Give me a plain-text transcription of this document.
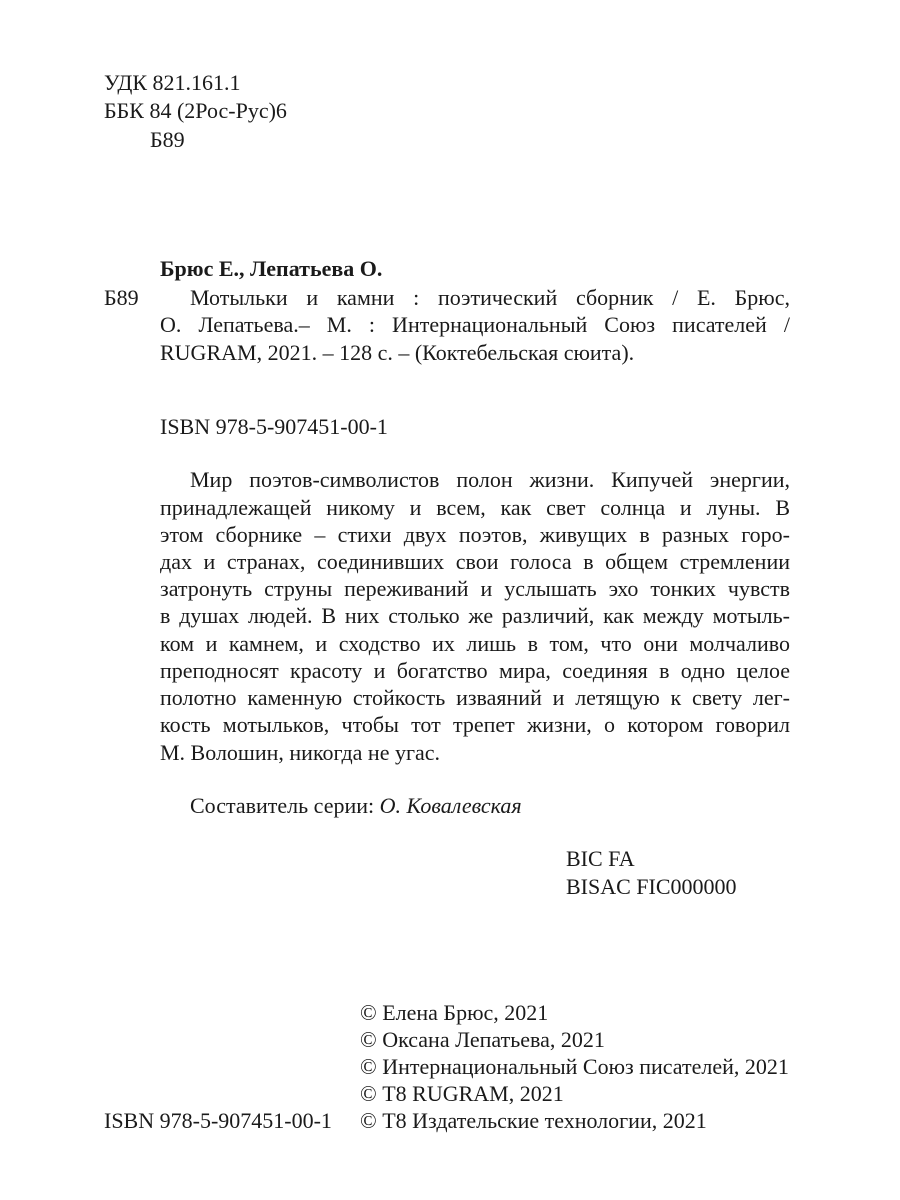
УДК 821.161.1
ББК 84 (2Рос-Рус)6
Б89
Брюс Е., Лепатьева О.
Б89 Мотыльки и камни : поэтический сборник / Е. Брюс,
О. Лепатьева.– М. : Интернациональный Союз писателей /
RUGRAM, 2021. – 128 с. – (Коктебельская сюита).
ISBN 978-5-907451-00-1
Мир поэтов-символистов полон жизни. Кипучей энергии,
принадлежащей никому и всем, как свет солнца и луны. В
этом сборнике – стихи двух поэтов, живущих в разных горо-
дах и странах, соединивших свои голоса в общем стремлении
затронуть струны переживаний и услышать эхо тонких чувств
в душах людей. В них столько же различий, как между мотыль-
ком и камнем, и сходство их лишь в том, что они молчаливо
преподносят красоту и богатство мира, соединяя в одно целое
полотно каменную стойкость изваяний и летящую к свету лег-
кость мотыльков, чтобы тот трепет жизни, о котором говорил
М. Волошин, никогда не угас.
Составитель серии: О. Ковалевская
BIC FA
BISAC FIC000000
© Елена Брюс, 2021
© Оксана Лепатьева, 2021
© Интернациональный Союз писателей, 2021
© Т8 RUGRAM, 2021
© Т8 Издательские технологии, 2021
ISBN 978-5-907451-00-1
